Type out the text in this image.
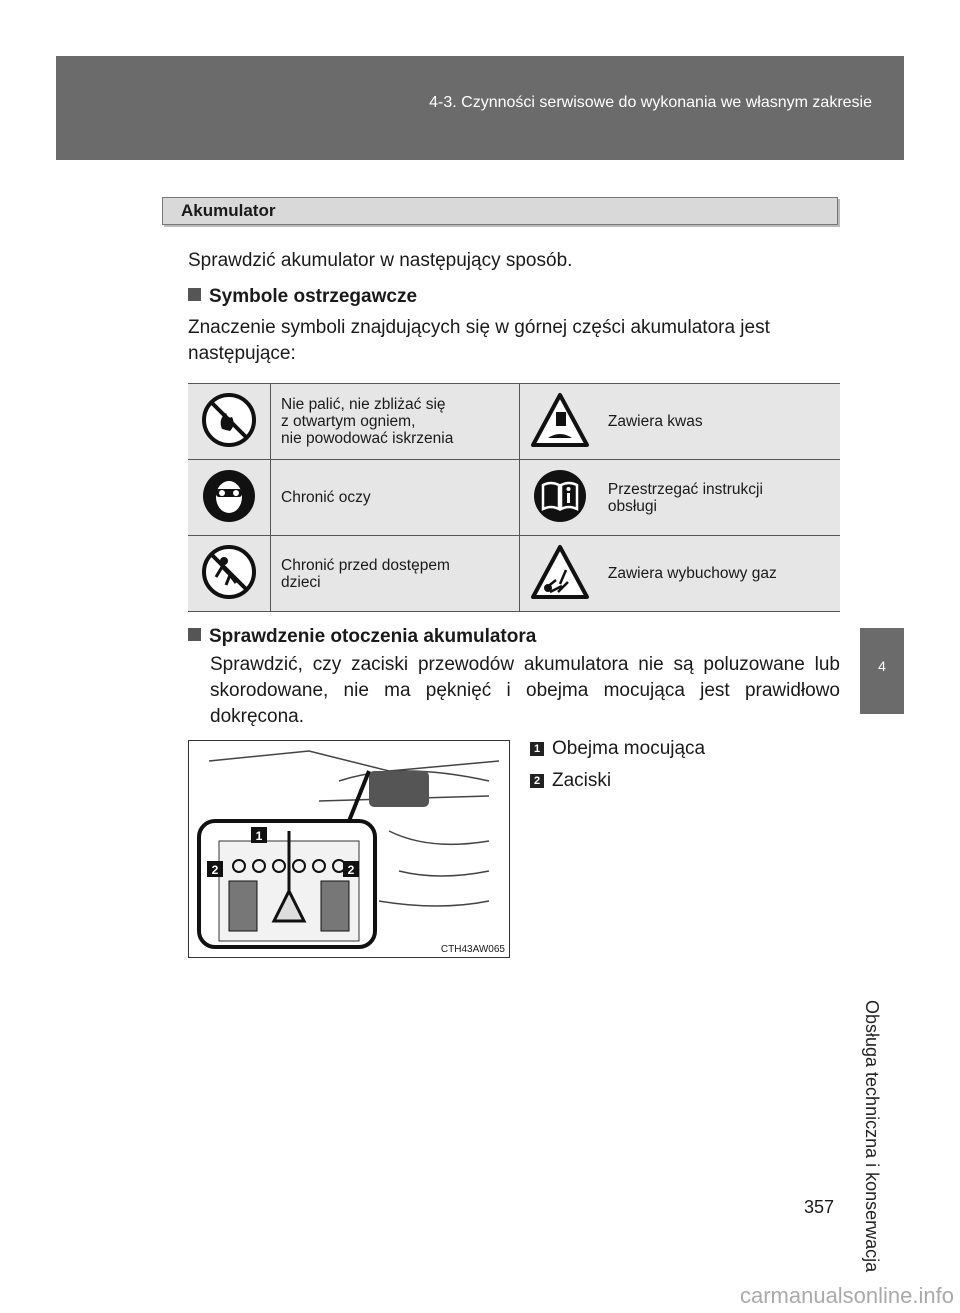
4-3. Czynności serwisowe do wykonania we własnym zakresie
4
Obsługa techniczna i konserwacja
Akumulator
Sprawdzić akumulator w następujący sposób.
Symbole ostrzegawcze
Znaczenie symboli znajdujących się w górnej części akumulatora jest następujące:

Nie palić, nie zbliżać się
z otwartym ogniem,
nie powodować iskrzenia		Zawiera kwas

Chronić oczy		Przestrzegać instrukcji
obsługi

Chronić przed dostępem
dzieci		Zawiera wybuchowy gaz
Sprawdzenie otoczenia akumulatora
Sprawdzić, czy zaciski przewodów akumulatora nie są poluzowane lub skorodowane, nie ma pęknięć i obejma mocująca jest prawidłowo dokręcona.
1
2	2
CTH43AW065
1 Obejma mocująca
2 Zaciski
357
carmanualsonline.info
